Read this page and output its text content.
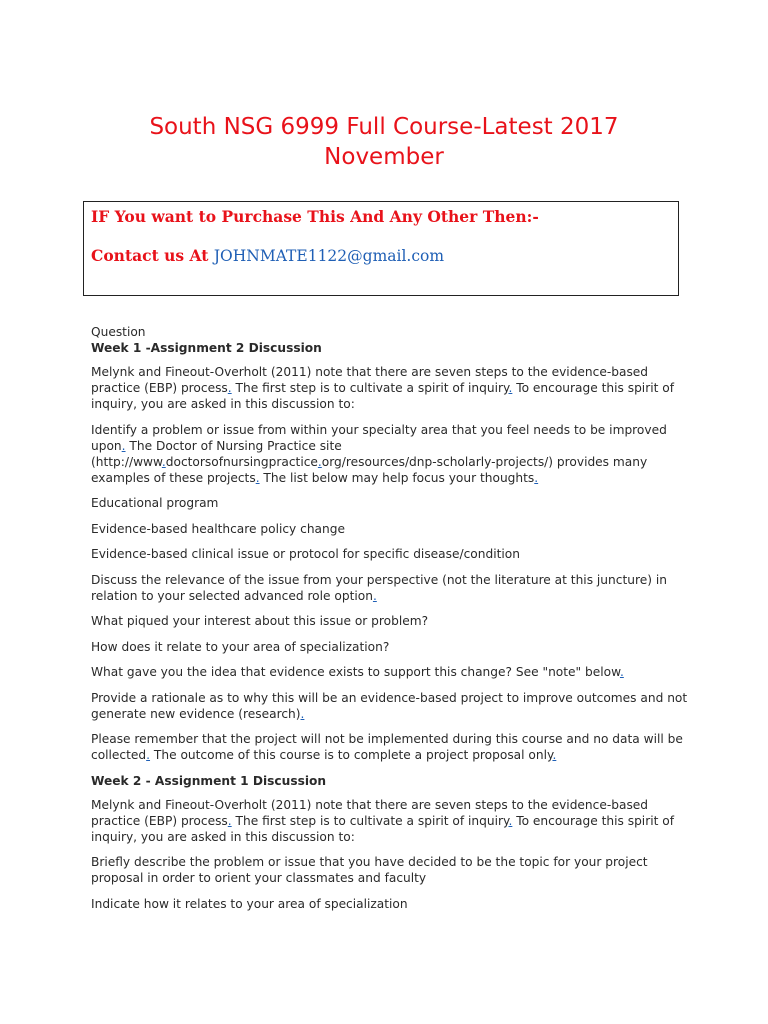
South NSG 6999 Full Course-Latest 2017
November
IF You want to Purchase This And Any Other Then:-
Contact us At JOHNMATE1122@gmail.com

Question

Week 1 -Assignment 2 Discussion

Melynk and Fineout-Overholt (2011) note that there are seven steps to the evidence-based practice (EBP) process. The first step is to cultivate a spirit of inquiry. To encourage this spirit of inquiry, you are asked in this discussion to:

Identify a problem or issue from within your specialty area that you feel needs to be improved upon. The Doctor of Nursing Practice site (http://www.doctorsofnursingpractice.org/resources/dnp-scholarly-projects/) provides many examples of these projects. The list below may help focus your thoughts.

Educational program

Evidence-based healthcare policy change

Evidence-based clinical issue or protocol for specific disease/condition

Discuss the relevance of the issue from your perspective (not the literature at this juncture) in relation to your selected advanced role option.

What piqued your interest about this issue or problem?

How does it relate to your area of specialization?

What gave you the idea that evidence exists to support this change? See "note" below.

Provide a rationale as to why this will be an evidence-based project to improve outcomes and not generate new evidence (research).

Please remember that the project will not be implemented during this course and no data will be collected. The outcome of this course is to complete a project proposal only.

Week 2 - Assignment 1 Discussion

Melynk and Fineout-Overholt (2011) note that there are seven steps to the evidence-based practice (EBP) process. The first step is to cultivate a spirit of inquiry. To encourage this spirit of inquiry, you are asked in this discussion to:

Briefly describe the problem or issue that you have decided to be the topic for your project proposal in order to orient your classmates and faculty

Indicate how it relates to your area of specialization
